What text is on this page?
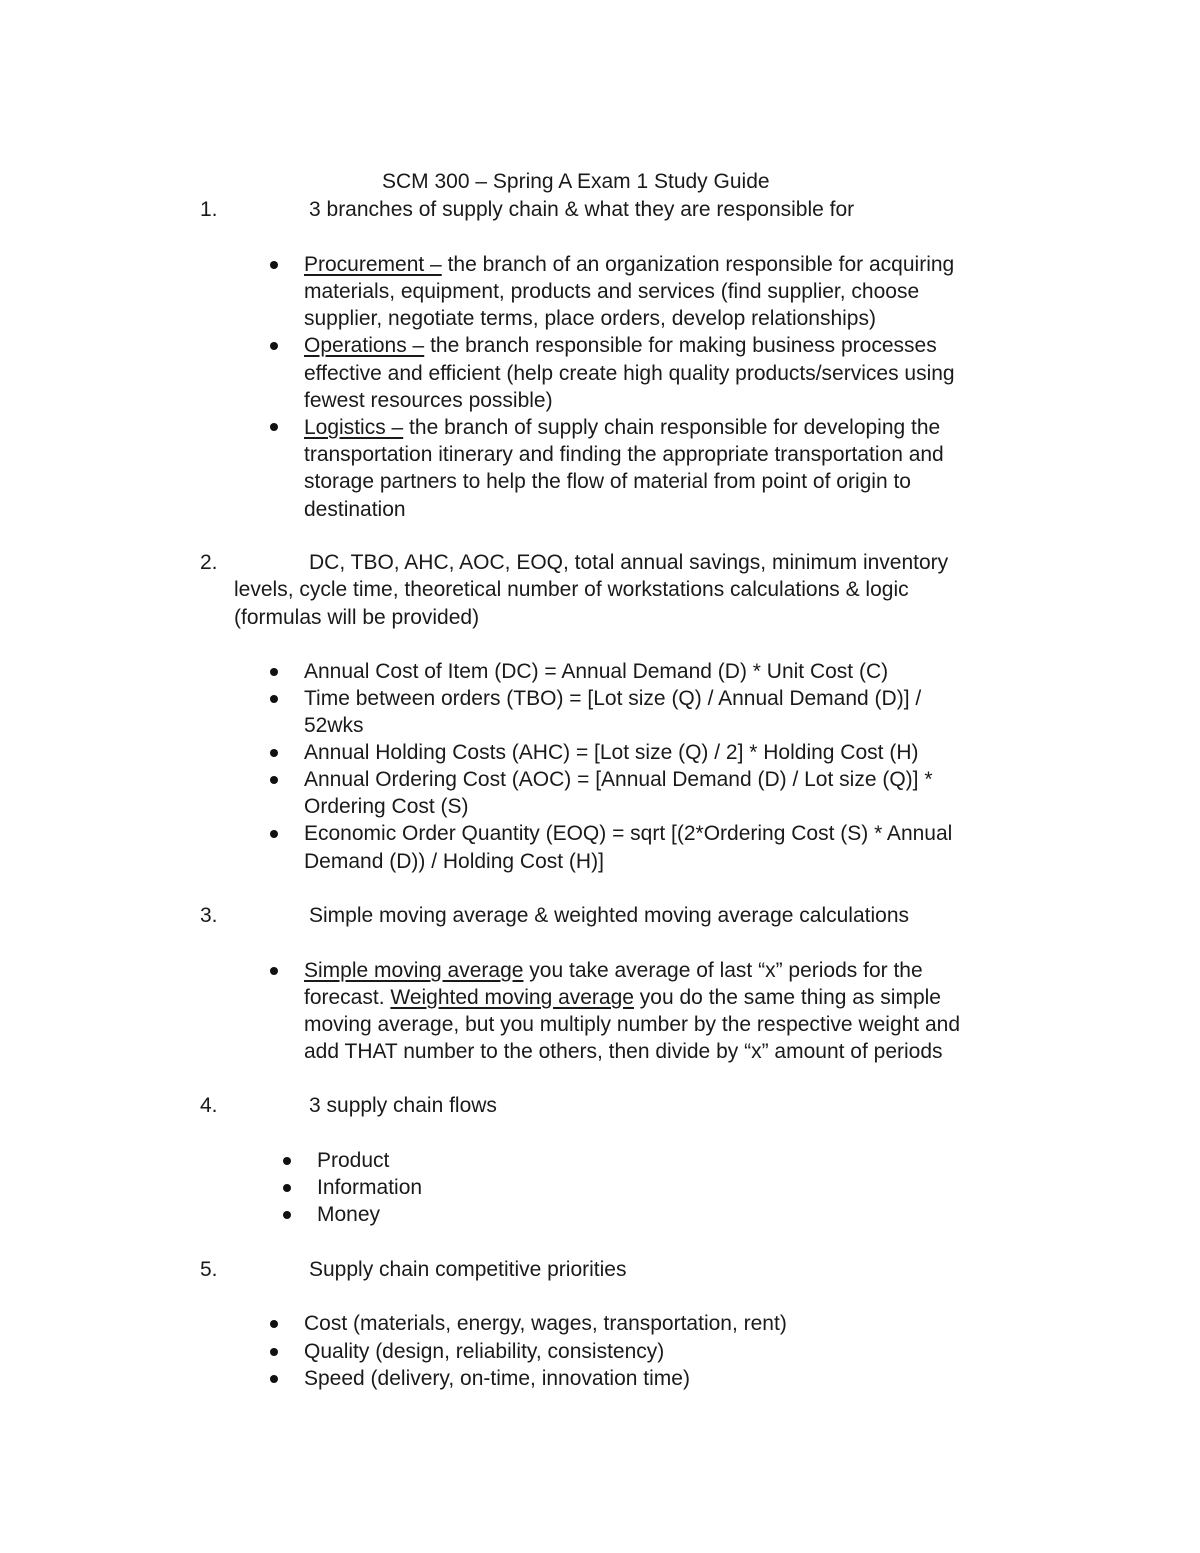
SCM 300 – Spring A Exam 1 Study Guide
1.	3 branches of supply chain & what they are responsible for
Procurement – the branch of an organization responsible for acquiring
materials, equipment, products and services (find supplier, choose
supplier, negotiate terms, place orders, develop relationships)
Operations – the branch responsible for making business processes
effective and efficient (help create high quality products/services using
fewest resources possible)
Logistics – the branch of supply chain responsible for developing the
transportation itinerary and finding the appropriate transportation and
storage partners to help the flow of material from point of origin to
destination
2.	DC, TBO, AHC, AOC, EOQ, total annual savings, minimum inventory
levels, cycle time, theoretical number of workstations calculations & logic
(formulas will be provided)
Annual Cost of Item (DC) = Annual Demand (D) * Unit Cost (C)
Time between orders (TBO) = [Lot size (Q) / Annual Demand (D)] /
52wks
Annual Holding Costs (AHC) = [Lot size (Q) / 2] * Holding Cost (H)
Annual Ordering Cost (AOC) = [Annual Demand (D) / Lot size (Q)] *
Ordering Cost (S)
Economic Order Quantity (EOQ) = sqrt [(2*Ordering Cost (S) * Annual
Demand (D)) / Holding Cost (H)]
3.	Simple moving average & weighted moving average calculations
Simple moving average you take average of last “x” periods for the
forecast. Weighted moving average you do the same thing as simple
moving average, but you multiply number by the respective weight and
add THAT number to the others, then divide by “x” amount of periods
4.	3 supply chain flows
Product
Information
Money
5.	Supply chain competitive priorities
Cost (materials, energy, wages, transportation, rent)
Quality (design, reliability, consistency)
Speed (delivery, on-time, innovation time)
